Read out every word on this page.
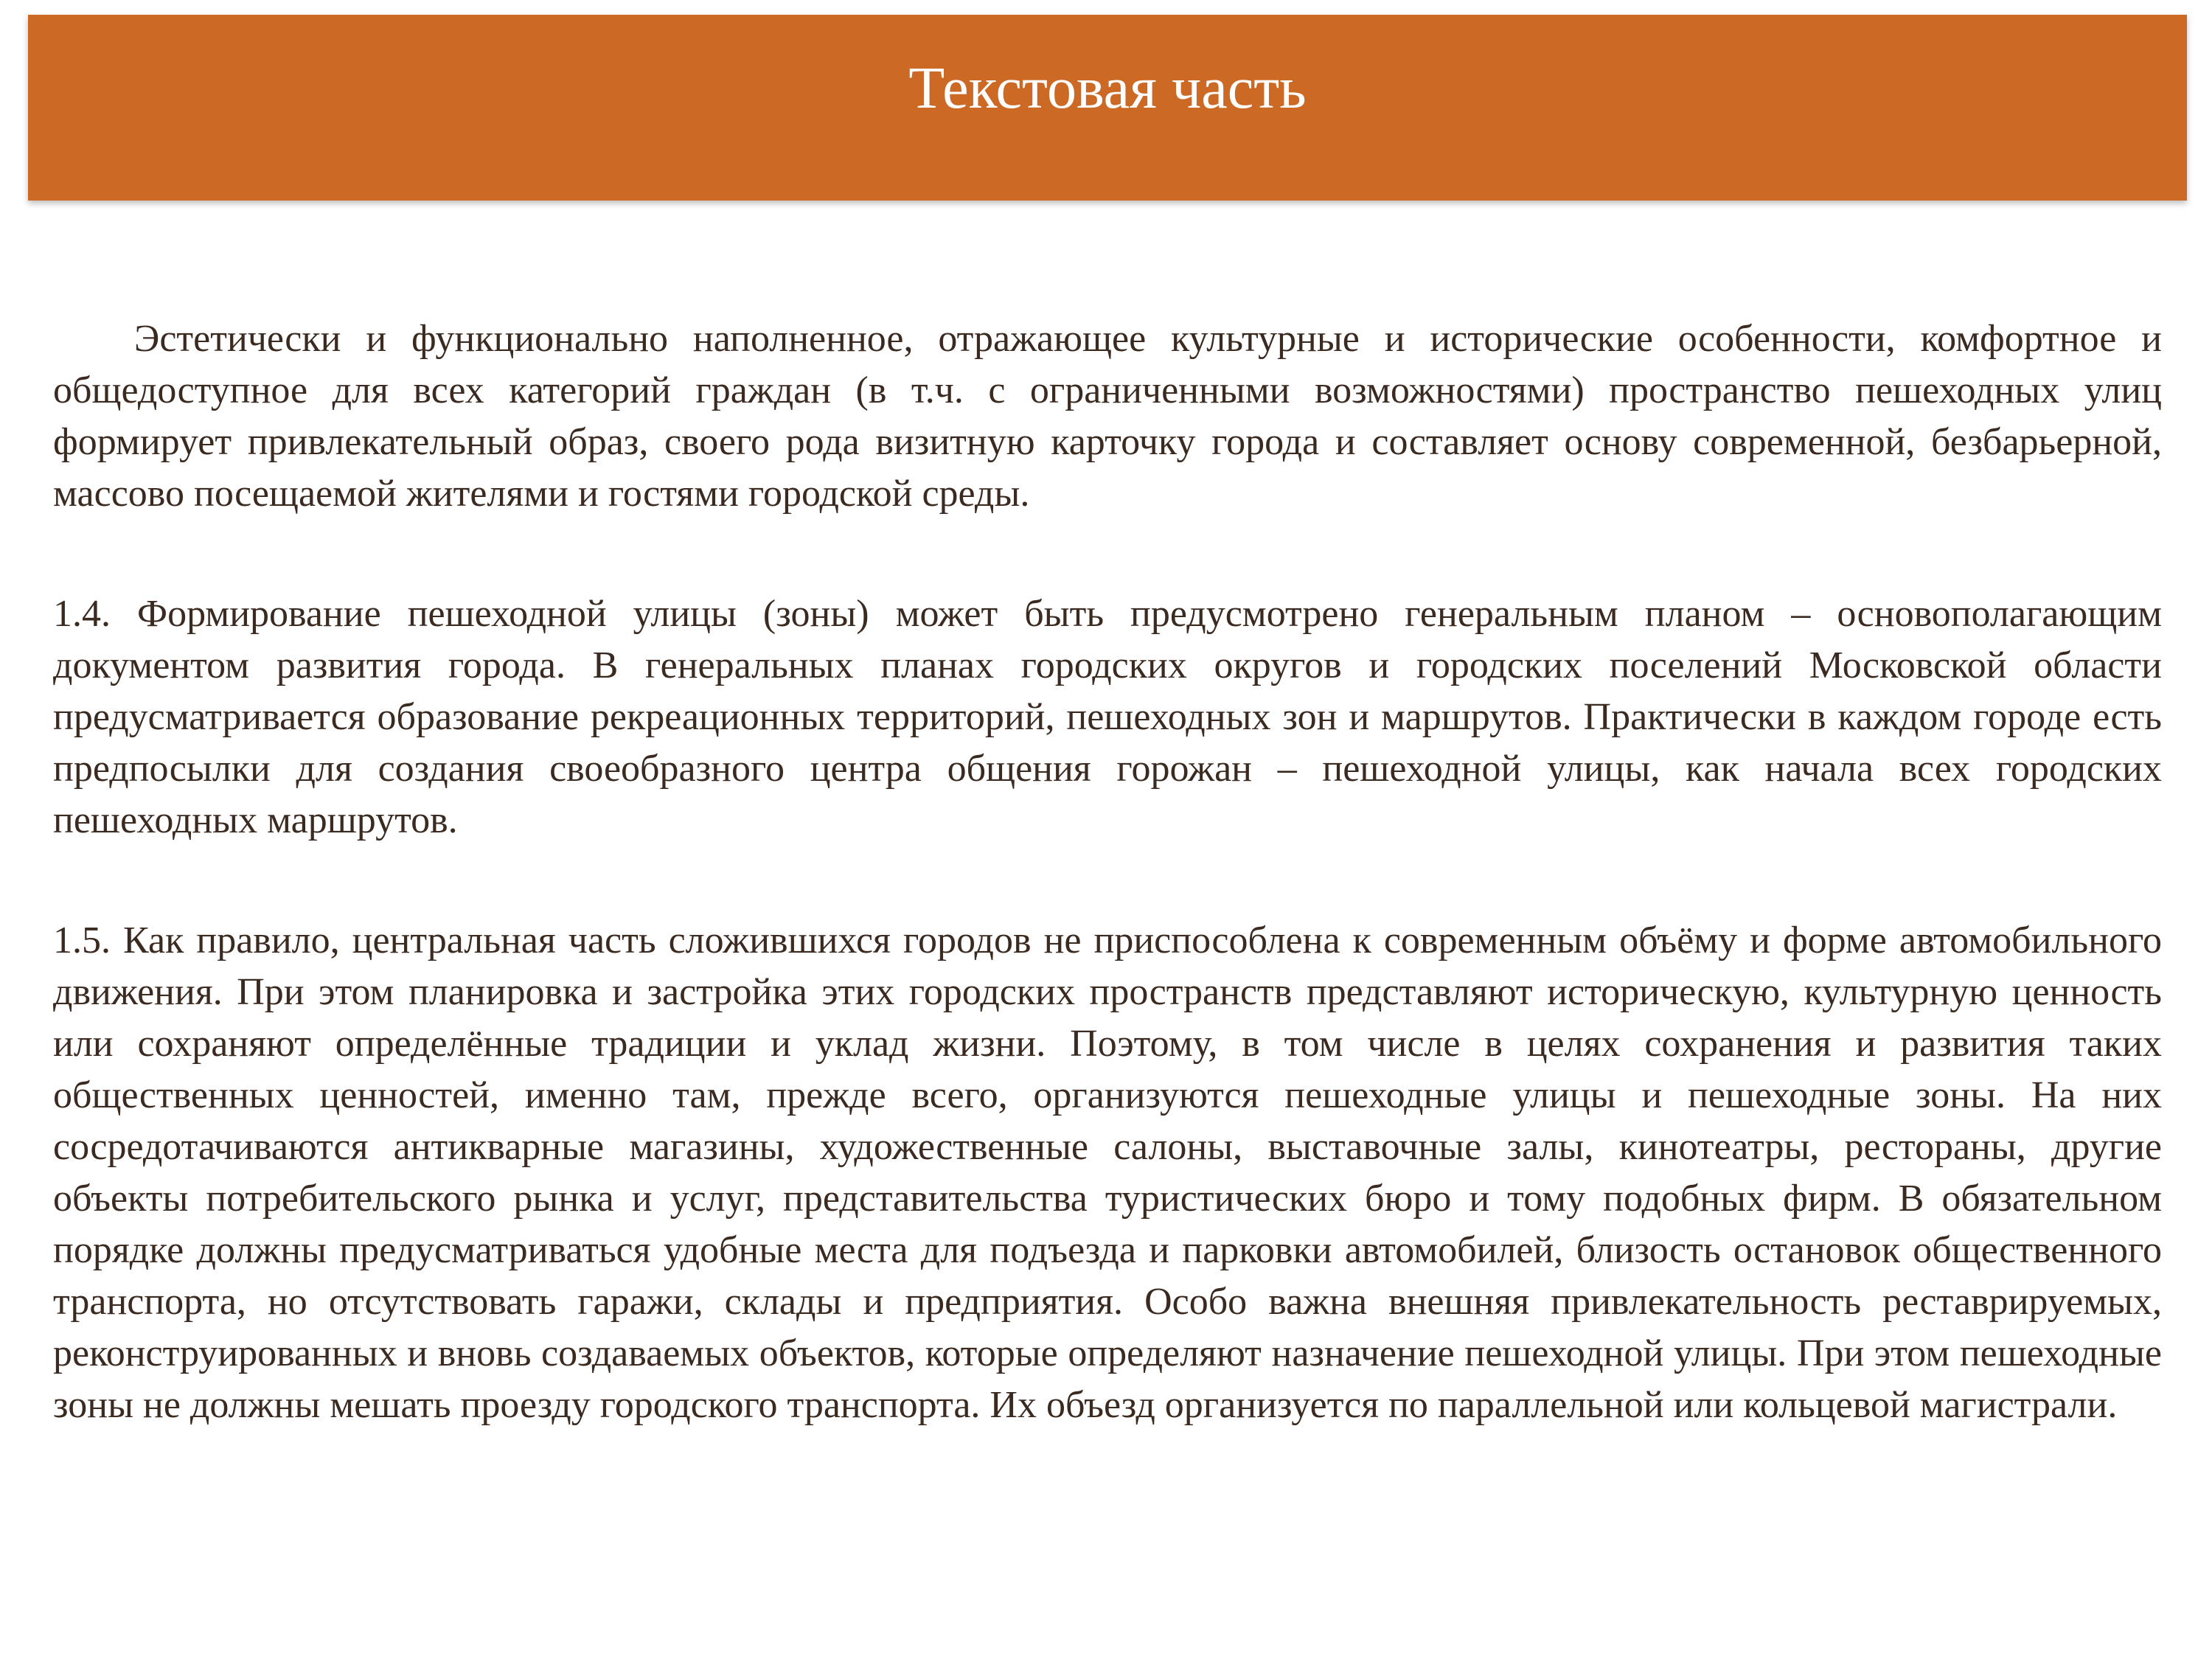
Текстовая часть

Эстетически и функционально наполненное, отражающее культурные и исторические особенности, комфортное и общедоступное для всех категорий граждан (в т.ч. с ограниченными возможностями) пространство пешеходных улиц формирует привлекательный образ, своего рода визитную карточку города и составляет основу современной, безбарьерной, массово посещаемой жителями и гостями городской среды.

1.4. Формирование пешеходной улицы (зоны) может быть предусмотрено генеральным планом – основополагающим документом развития города. В генеральных планах городских округов и городских поселений Московской области предусматривается образование рекреационных территорий, пешеходных зон и маршрутов. Практически в каждом городе есть предпосылки для создания своеобразного центра общения горожан – пешеходной улицы, как начала всех городских пешеходных маршрутов.

1.5. Как правило, центральная часть сложившихся городов не приспособлена к современным объёму и форме автомобильного движения. При этом планировка и застройка этих городских пространств представляют историческую, культурную ценность или сохраняют определённые традиции и уклад жизни. Поэтому, в том числе в целях сохранения и развития таких общественных ценностей, именно там, прежде всего, организуются пешеходные улицы и пешеходные зоны. На них сосредотачиваются антикварные магазины, художественные салоны, выставочные залы, кинотеатры, рестораны, другие объекты потребительского рынка и услуг, представительства туристических бюро и тому подобных фирм. В обязательном порядке должны предусматриваться удобные места для подъезда и парковки автомобилей, близость остановок общественного транспорта, но отсутствовать гаражи, склады и предприятия. Особо важна внешняя привлекательность реставрируемых, реконструированных и вновь создаваемых объектов, которые определяют назначение пешеходной улицы. При этом пешеходные зоны не должны мешать проезду городского транспорта. Их объезд организуется по параллельной или кольцевой магистрали.
